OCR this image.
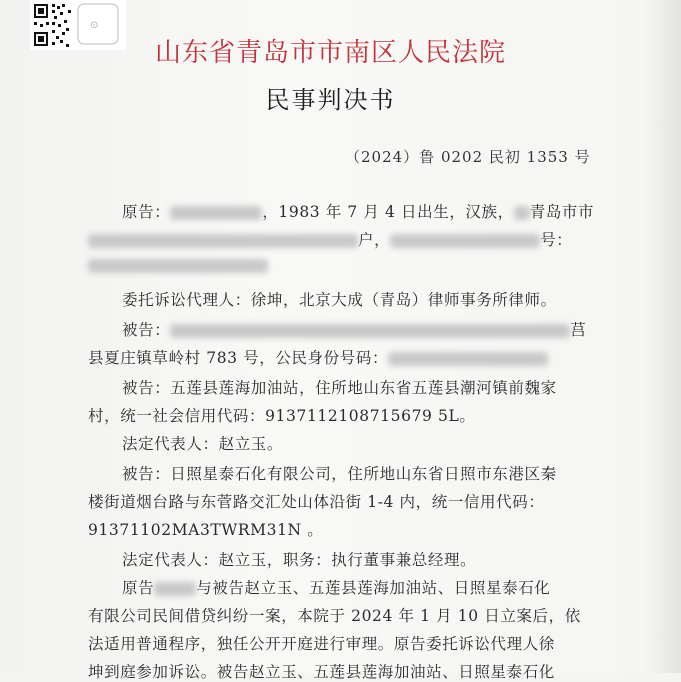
⊙
山东省青岛市市南区人民法院
民事判决书
（2024）鲁 0202 民初 1353 号
原告：	，1983 年 7 月 4 日出生，汉族， 青岛市市
户，	号：
委托诉讼代理人：徐坤，北京大成（青岛）律师事务所律师。
被告：	莒
县夏庄镇草岭村 783 号，公民身份号码：
被告：五莲县莲海加油站，住所地山东省五莲县潮河镇前魏家
村，统一社会信用代码：9137112108715679 5L。
法定代表人：赵立玉。
被告：日照星泰石化有限公司，住所地山东省日照市东港区秦
楼街道烟台路与东菅路交汇处山体沿街 1-4 内，统一信用代码：
91371102MA3TWRM31N 。
法定代表人：赵立玉，职务：执行董事兼总经理。
原告	与被告赵立玉、五莲县莲海加油站、日照星泰石化
有限公司民间借贷纠纷一案，本院于 2024 年 1 月 10 日立案后，依
法适用普通程序，独任公开开庭进行审理。原告委托诉讼代理人徐
坤到庭参加诉讼。被告赵立玉、五莲县莲海加油站、日照星泰石化
